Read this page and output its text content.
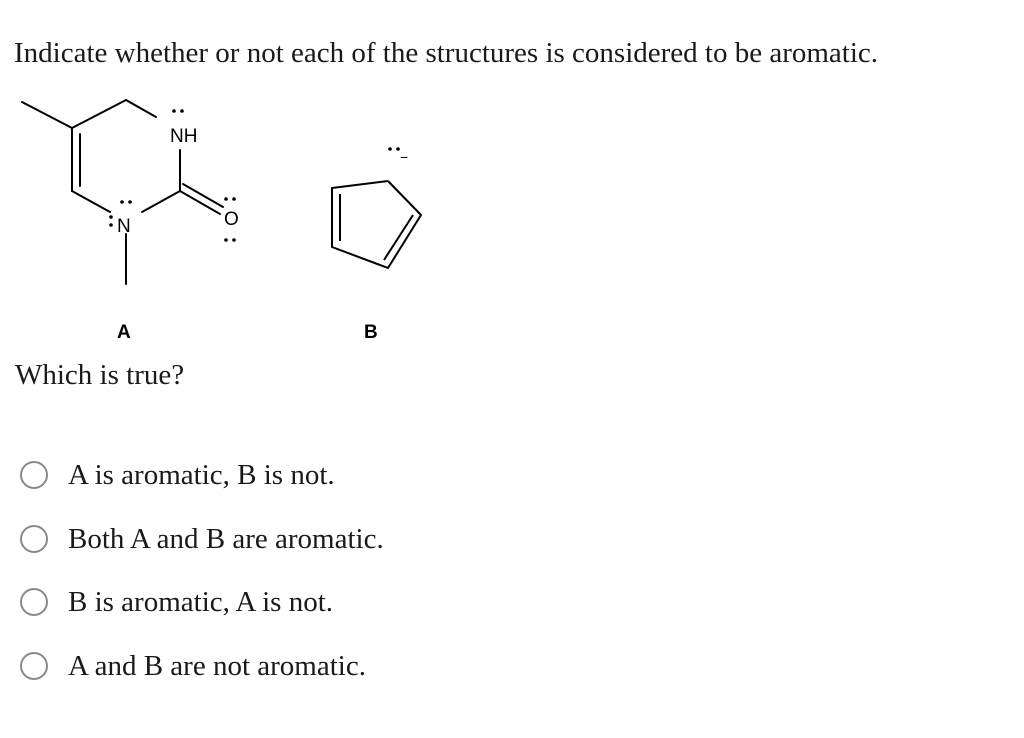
Indicate whether or not each of the structures is considered to be aromatic.
NH
N	O
−
A	B
Which is true?
A is aromatic, B is not.
Both A and B are aromatic.
B is aromatic, A is not.
A and B are not aromatic.
